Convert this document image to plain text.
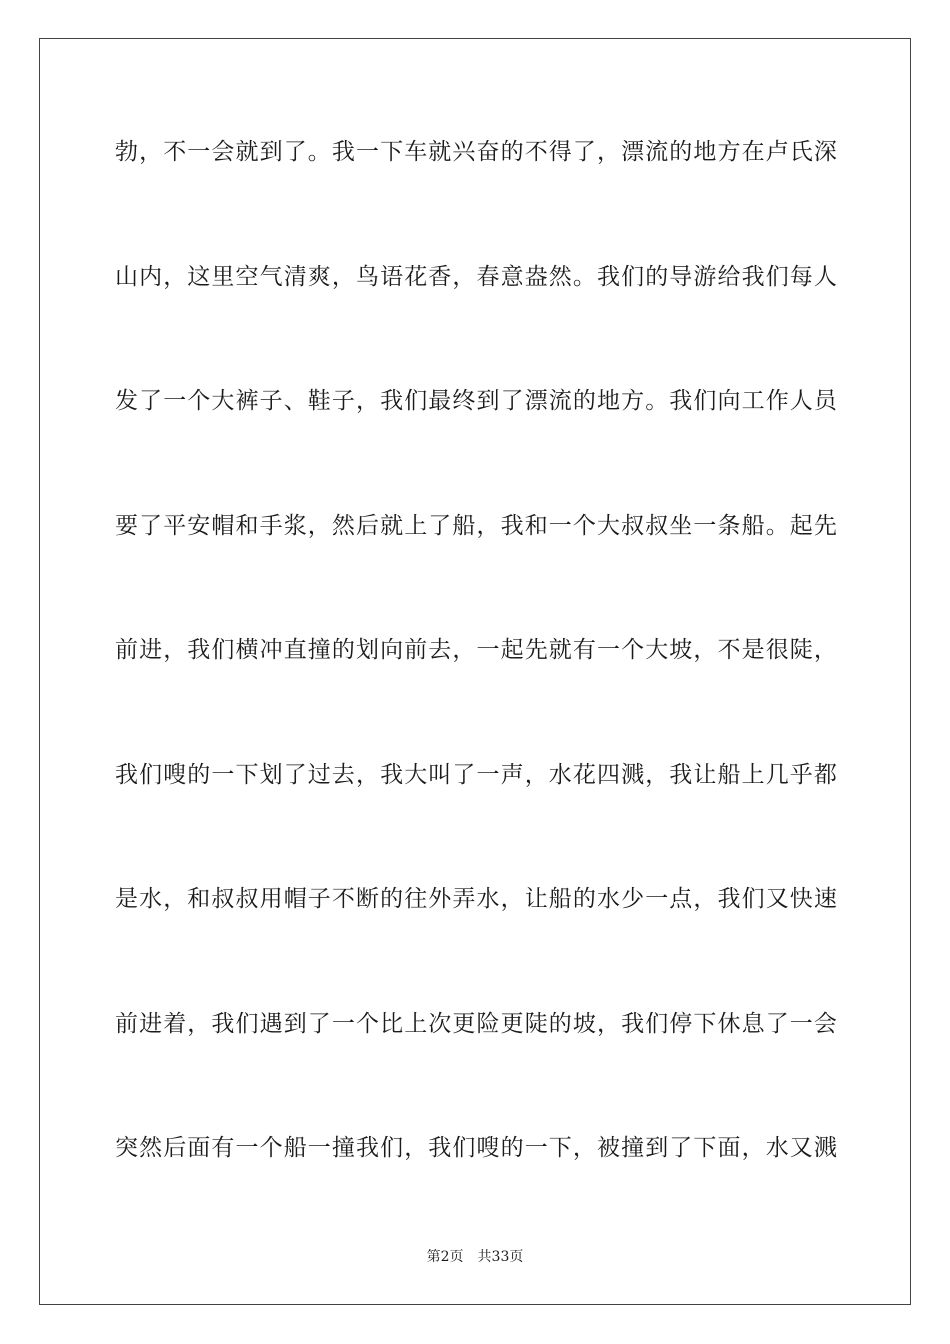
勃，不一会就到了。我一下车就兴奋的不得了，漂流的地方在卢氏深
山内，这里空气清爽，鸟语花香，春意盎然。我们的导游给我们每人
发了一个大裤子、鞋子，我们最终到了漂流的地方。我们向工作人员
要了平安帽和手浆，然后就上了船，我和一个大叔叔坐一条船。起先
前进，我们横冲直撞的划向前去，一起先就有一个大坡，不是很陡，
我们嗖的一下划了过去，我大叫了一声，水花四溅，我让船上几乎都
是水，和叔叔用帽子不断的往外弄水，让船的水少一点，我们又快速
前进着，我们遇到了一个比上次更险更陡的坡，我们停下休息了一会
突然后面有一个船一撞我们，我们嗖的一下，被撞到了下面，水又溅
第2页 共33页
